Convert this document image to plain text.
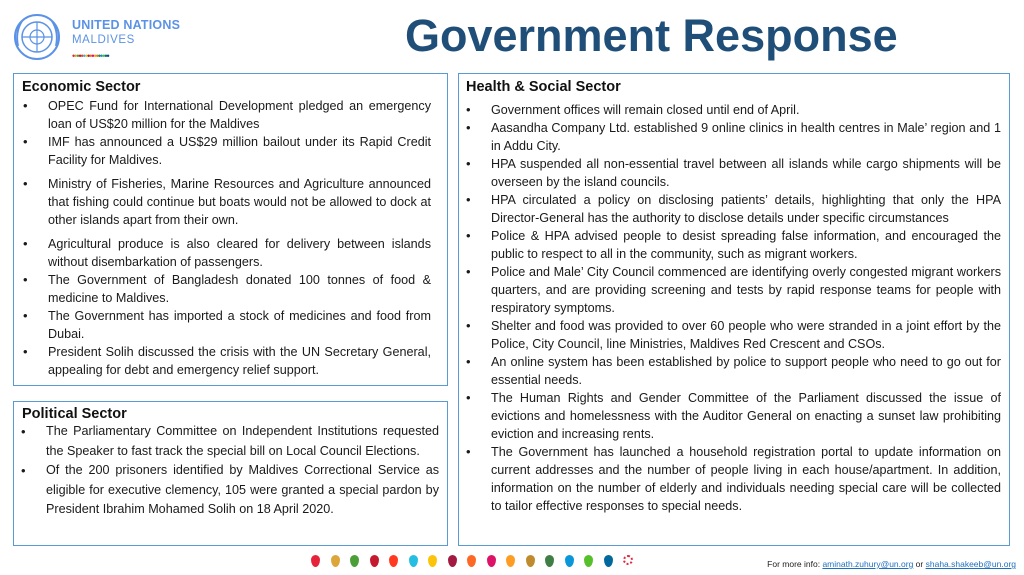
UNITED NATIONS
MALDIVES
•••••••••••••••••	Government Response
Economic Sector
• OPEC Fund for International Development pledged an emergency loan of US$20 million for the Maldives
• IMF has announced a US$29 million bailout under its Rapid Credit Facility for Maldives.
• Ministry of Fisheries, Marine Resources and Agriculture announced that fishing could continue but boats would not be allowed to dock at other islands apart from their own.
• Agricultural produce is also cleared for delivery between islands without disembarkation of passengers.
• The Government of Bangladesh donated 100 tonnes of food & medicine to Maldives.
• The Government has imported a stock of medicines and food from Dubai.
• President Solih discussed the crisis with the UN Secretary General, appealing for debt and emergency relief support.
Political Sector
• The Parliamentary Committee on Independent Institutions requested the Speaker to fast track the special bill on Local Council Elections.
• Of the 200 prisoners identified by Maldives Correctional Service as eligible for executive clemency, 105 were granted a special pardon by President Ibrahim Mohamed Solih on 18 April 2020.
Health & Social Sector
• Government offices will remain closed until end of April.
• Aasandha Company Ltd. established 9 online clinics in health centres in Male’ region and 1 in Addu City.
• HPA suspended all non-essential travel between all islands while cargo shipments will be overseen by the island councils.
• HPA circulated a policy on disclosing patients’ details, highlighting that only the HPA Director-General has the authority to disclose details under specific circumstances
• Police & HPA advised people to desist spreading false information, and encouraged the public to respect to all in the community, such as migrant workers.
• Police and Male’ City Council commenced are identifying overly congested migrant workers quarters, and are providing screening and tests by rapid response teams for people with respiratory symptoms.
• Shelter and food was provided to over 60 people who were stranded in a joint effort by the Police, City Council, line Ministries, Maldives Red Crescent and CSOs.
• An online system has been established by police to support people who need to go out for essential needs.
• The Human Rights and Gender Committee of the Parliament discussed the issue of evictions and homelessness with the Auditor General on enacting a sunset law prohibiting eviction and increasing rents.
• The Government has launched a household registration portal to update information on current addresses and the number of people living in each house/apartment. In addition, information on the number of elderly and individuals needing special care will be collected to tailor effective responses to special needs.
For more info: aminath.zuhury@un.org or shaha.shakeeb@un.org
